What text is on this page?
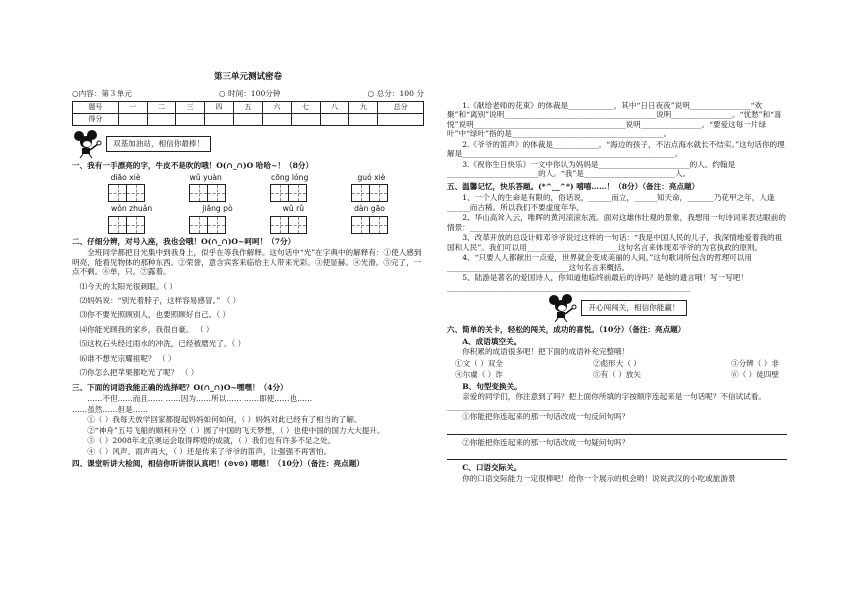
第三单元测试密卷
○内容：第３单元	○ 时间：100分钟	○ 总分：100 分
题号	一	二	三	四	五	六	七	八	九	总分
得分										
双基加油站，相信你最棒！
一、我有一手漂亮的字，牛皮不是吹的哦！O(∩_∩)O 哈哈~！（8分）
diāo xiè	wǔ yuàn	cōng lóng	guó xiè
wǒn zhuǎn	jiǎng pò	wǔ rǔ	dàn gāo
二、仔细分辨，对号入座，我也会哦！O(∩_∩)O~呵呵！（7分）
全班同学都把目光集中到我身上，似乎在等我作解释。这句话中“光”在字典中的解释有：①使人感到明亮，能看见物体的那种东西。②荣誉，意含宾客来临给主人带来光彩。③使显赫。④光滑。⑤完了，一点不剩。⑥单，只。⑦露着。
⑴今天的太阳光很刺眼。（ ）
⑵妈妈说：“别光着脖子，这样容易感冒。” （ ）
⑶你不要光照顾别人，也要照顾好自己。（ ）
⑷你能光顾我的家乡，我很自豪。 （ ）
⑸这枚石头经过雨水的冲洗，已经被磨光了。（ ）
⑹谁不想光宗耀祖呢？ （ ）
⑺你怎么把苹果都吃光了呢？ （ ）
三、下面的词语我能正确的选择吧？O(∩_∩)O~嘿嘿！（4分）
……不但……而且…… ……因为……所以…… ……即使……也……
……虽然……但是……
①（ ）我每天放学回家都提起妈妈如何如何，（ ）妈妈对此已经有了相当的了解。
②“神舟”五号飞船的顺利升空（ ）圆了中国的飞天梦想，（ ）也使中国的国力大大提升。
③（ ）2008年北京奥运会取得辉煌的成就，（ ）我们也有许多不足之处。
④（ ）风声、雨声再大，（ ）还是传来了爷爷的笛声，让强强不再害怕。
四、课堂听讲大检阅，相信你听讲很认真吧！(⊙v⊙) 嗯嗯！（10分）（备注：亮点题）
1.《献给老师的花束》的体裁是____________，其中“日日夜夜”说明________________“欢聚”和“离别”说明________________________________________说明________________。“忧愁”和“喜悦”说明________________________________________说明________________。“要爱这每一片绿叶”中“绿叶”指的是________________________________________。
2.《爷爷的笛声》的体裁是____________。“海边的孩子，不沾点海水就长不结实。”这句话你的理解是________________________________________________________。
3.《祝你生日快乐》一文中你认为妈妈是________________________的人。约翰是________________________的人。“我”是________________________人。
五、温馨记忆，快乐答题。(*^__^*) 嘻嘻……！（8分）（备注：亮点题）
1、一个人的生命是有限的，俗话说，______而立，______知天命，_______乃花甲之年，人逢______而古稀。所以我们不要虚度年华。
2、华山高耸入云，唯晖的黄河滚滚东流。面对这雄伟壮观的景象，我想用一句诗词来表达眼前的情景：________________________________________________
3、改革开放的总设计师邓爷爷说过这样的一句话：“我是中国人民的儿子，我深情地爱着我的祖国和人民”。我们可以用________________________这句名言来体现邓爷爷的为官执政的原则。
4、“只要人人都献出一点爱，世界就会变成美丽的人间。”这句歌词所包含的哲理可以用________________________________这句名言来概括。
5、陆游是著名的爱国诗人，你知道他临终前最后的诗吗？是他的遗言哦！写一写吧！________________________________________________________________
开心闯闯关，相信你能赢！
六、简单的关卡，轻松的闯关，成功的喜悦。（10分）（备注：亮点题）
A、成语填空关。
你积累的成语很多吧！把下面的成语补充完整哦！
①文（ ）双全	②彪形大（ ）	③分辨（ ）非
④尔虞（ ）诈	⑤有（ ）放矢	⑥（ ）徒四壁
B、句型变换关。
亲爱的同学们，你注意到了吗？把上面你所填的字按顺序连起来是一句话呢？不信试试看。_______________________________
①你能把你连起来的那一句话改成一句反问句吗？
②你能把你连起来的那一句话改成一句疑问句吗？
C、口语交际关。
你的口语交际能力一定很棒吧！给你一个展示的机会哟！说说武汉的小吃或旅游景
